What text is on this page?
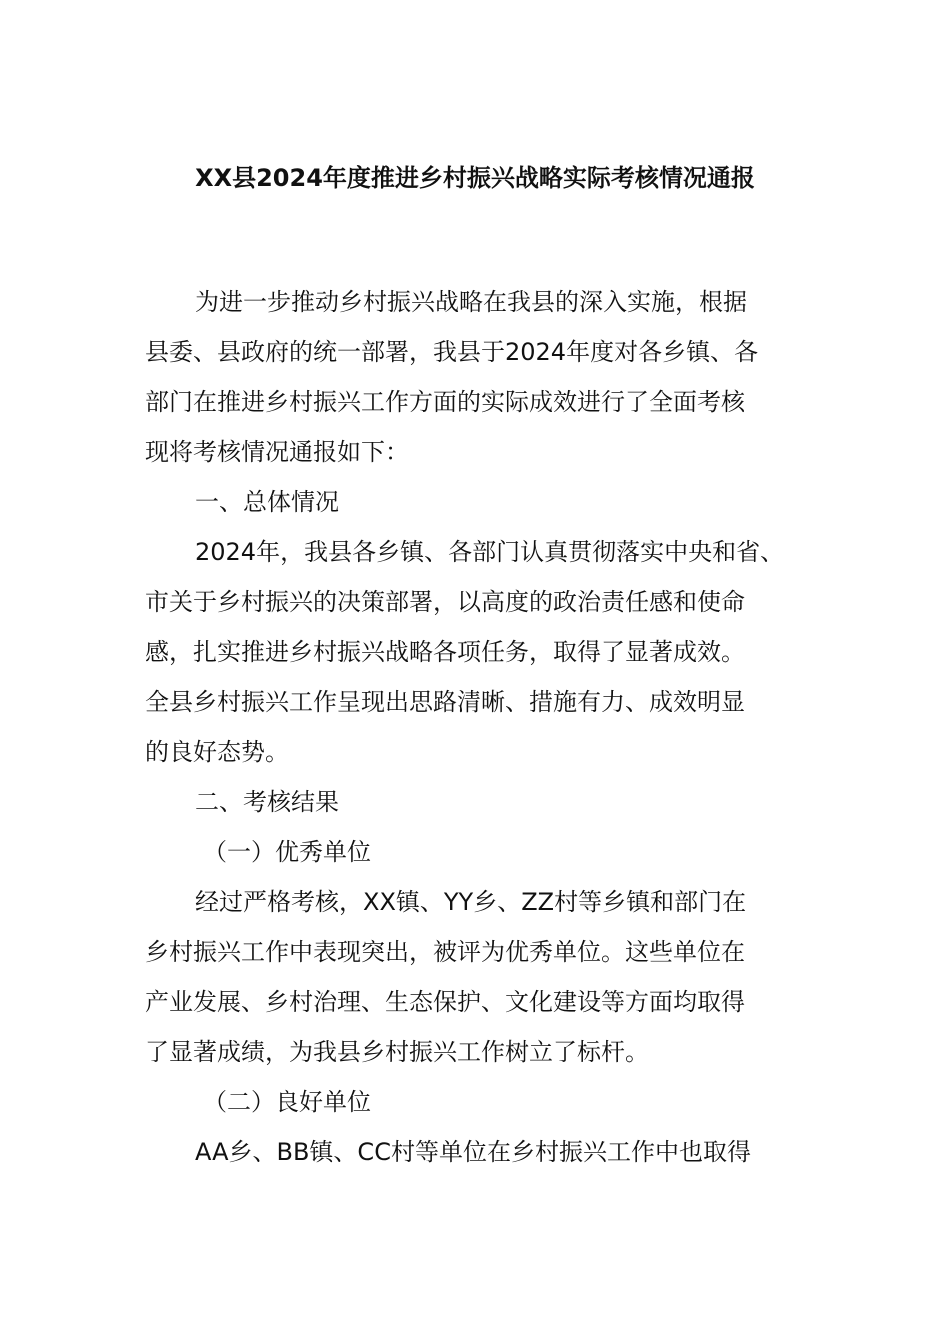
XX县2024年度推进乡村振兴战略实际考核情况通报
为进一步推动乡村振兴战略在我县的深入实施，根据
县委、县政府的统一部署，我县于2024年度对各乡镇、各
部门在推进乡村振兴工作方面的实际成效进行了全面考核
现将考核情况通报如下：
一、总体情况
2024年，我县各乡镇、各部门认真贯彻落实中央和省、
市关于乡村振兴的决策部署，以高度的政治责任感和使命
感，扎实推进乡村振兴战略各项任务，取得了显著成效。
全县乡村振兴工作呈现出思路清晰、措施有力、成效明显
的良好态势。
二、考核结果
（一）优秀单位
经过严格考核，XX镇、YY乡、ZZ村等乡镇和部门在
乡村振兴工作中表现突出，被评为优秀单位。这些单位在
产业发展、乡村治理、生态保护、文化建设等方面均取得
了显著成绩，为我县乡村振兴工作树立了标杆。
（二）良好单位
AA乡、BB镇、CC村等单位在乡村振兴工作中也取得
